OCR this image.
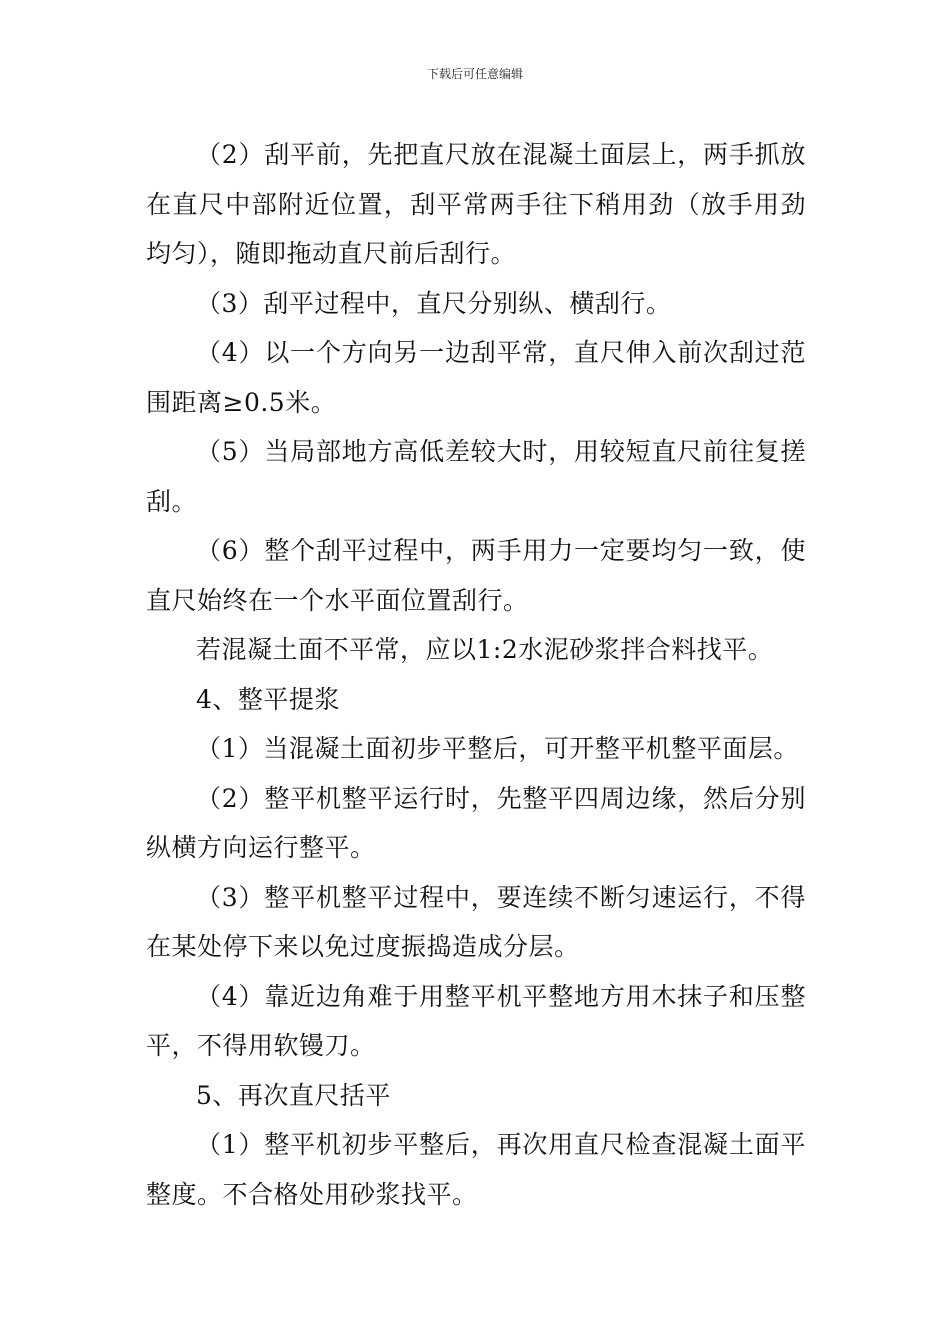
下载后可任意编辑

（2）刮平前，先把直尺放在混凝土面层上，两手抓放在直尺中部附近位置，刮平常两手往下稍用劲（放手用劲均匀），随即拖动直尺前后刮行。

（3）刮平过程中，直尺分别纵、横刮行。

（4）以一个方向另一边刮平常，直尺伸入前次刮过范围距离≥0.5米。

（5）当局部地方高低差较大时，用较短直尺前往复搓刮。

（6）整个刮平过程中，两手用力一定要均匀一致，使直尺始终在一个水平面位置刮行。

若混凝土面不平常，应以1:2水泥砂浆拌合料找平。

4、整平提浆

（1）当混凝土面初步平整后，可开整平机整平面层。

（2）整平机整平运行时，先整平四周边缘，然后分别纵横方向运行整平。

（3）整平机整平过程中，要连续不断匀速运行，不得在某处停下来以免过度振捣造成分层。

（4）靠近边角难于用整平机平整地方用木抹子和压整平，不得用软镘刀。

5、再次直尺括平

（1）整平机初步平整后，再次用直尺检查混凝土面平整度。不合格处用砂浆找平。
